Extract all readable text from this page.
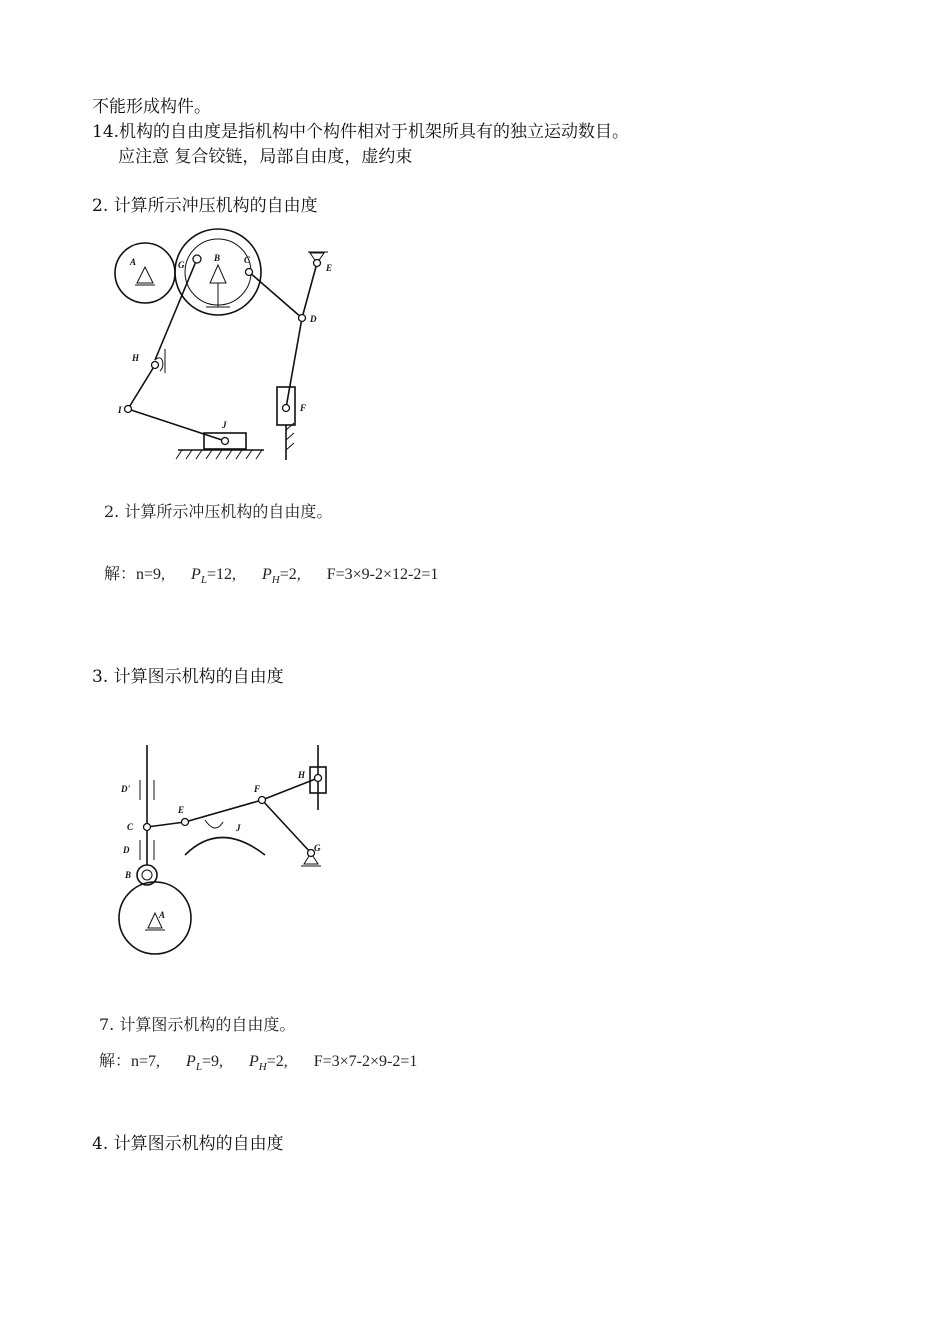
不能形成构件。
14.机构的自由度是指机构中个构件相对于机架所具有的独立运动数目。
应注意 复合铰链，局部自由度，虚约束
2. 计算所示冲压机构的自由度
A	G
B	C
E
D
H
I
J
F
2. 计算所示冲压机构的自由度。
解：n=9, $P_L=12$, $P_H=2$, F=3×9-2×12-2=1
3. 计算图示机构的自由度
D'
C
D
B
A
E
J
F
H
G
7. 计算图示机构的自由度。
解：n=7, $P_L=9$, $P_H=2$, F=3×7-2×9-2=1
4. 计算图示机构的自由度
